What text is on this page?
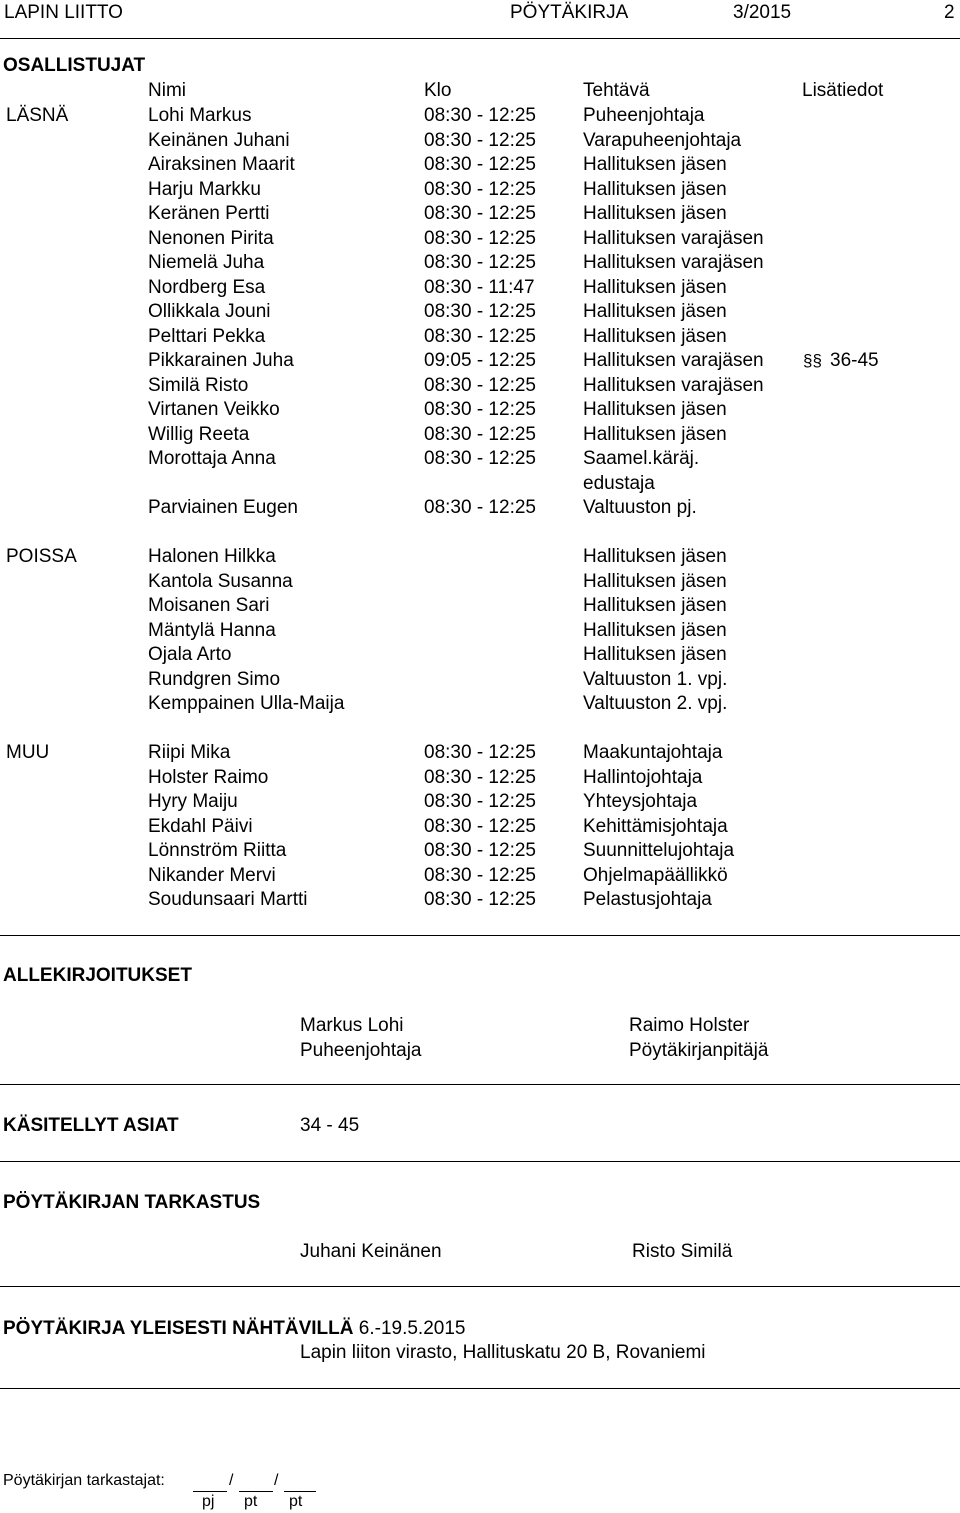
LAPIN LIITTO	PÖYTÄKIRJA	3/2015	2
OSALLISTUJAT
Nimi	Klo	Tehtävä	Lisätiedot
LÄSNÄ	Lohi Markus	08:30 - 12:25 Puheenjohtaja
Keinänen Juhani	08:30 - 12:25 Varapuheenjohtaja
Airaksinen Maarit	08:30 - 12:25 Hallituksen jäsen
Harju Markku	08:30 - 12:25 Hallituksen jäsen
Keränen Pertti	08:30 - 12:25 Hallituksen jäsen
Nenonen Pirita	08:30 - 12:25 Hallituksen varajäsen
Niemelä Juha	08:30 - 12:25 Hallituksen varajäsen
Nordberg Esa	08:30 - 11:47	Hallituksen jäsen
Ollikkala Jouni	08:30 - 12:25 Hallituksen jäsen
Pelttari Pekka	08:30 - 12:25 Hallituksen jäsen
Pikkarainen Juha	09:05 - 12:25 Hallituksen varajäsen §§ 36-45
Similä Risto	08:30 - 12:25 Hallituksen varajäsen
Virtanen Veikko	08:30 - 12:25 Hallituksen jäsen
Willig Reeta	08:30 - 12:25 Hallituksen jäsen
Morottaja Anna	08:30 - 12:25 Saamel.käräj.
edustaja
Parviainen Eugen	08:30 - 12:25 Valtuuston pj.
POISSA	Halonen Hilkka	Hallituksen jäsen
Kantola Susanna	Hallituksen jäsen
Moisanen Sari	Hallituksen jäsen
Mäntylä Hanna	Hallituksen jäsen
Ojala Arto	Hallituksen jäsen
Rundgren Simo	Valtuuston 1. vpj.
Kemppainen Ulla-Maija	Valtuuston 2. vpj.
MUU	Riipi Mika	08:30 - 12:25 Maakuntajohtaja
Holster Raimo	08:30 - 12:25 Hallintojohtaja
Hyry Maiju	08:30 - 12:25 Yhteysjohtaja
Ekdahl Päivi	08:30 - 12:25 Kehittämisjohtaja
Lönnström Riitta	08:30 - 12:25 Suunnittelujohtaja
Nikander Mervi	08:30 - 12:25 Ohjelmapäällikkö
Soudunsaari Martti	08:30 - 12:25 Pelastusjohtaja
ALLEKIRJOITUKSET
Markus Lohi
Puheenjohtaja
Raimo Holster
Pöytäkirjanpitäjä
KÄSITELLYT ASIAT	34 - 45
PÖYTÄKIRJAN TARKASTUS
Juhani Keinänen	Risto Similä
PÖYTÄKIRJA YLEISESTI NÄHTÄVILLÄ 6.-19.5.2015
Lapin liiton virasto, Hallituskatu 20 B, Rovaniemi
Pöytäkirjan tarkastajat:	/	/
pj pt pt
